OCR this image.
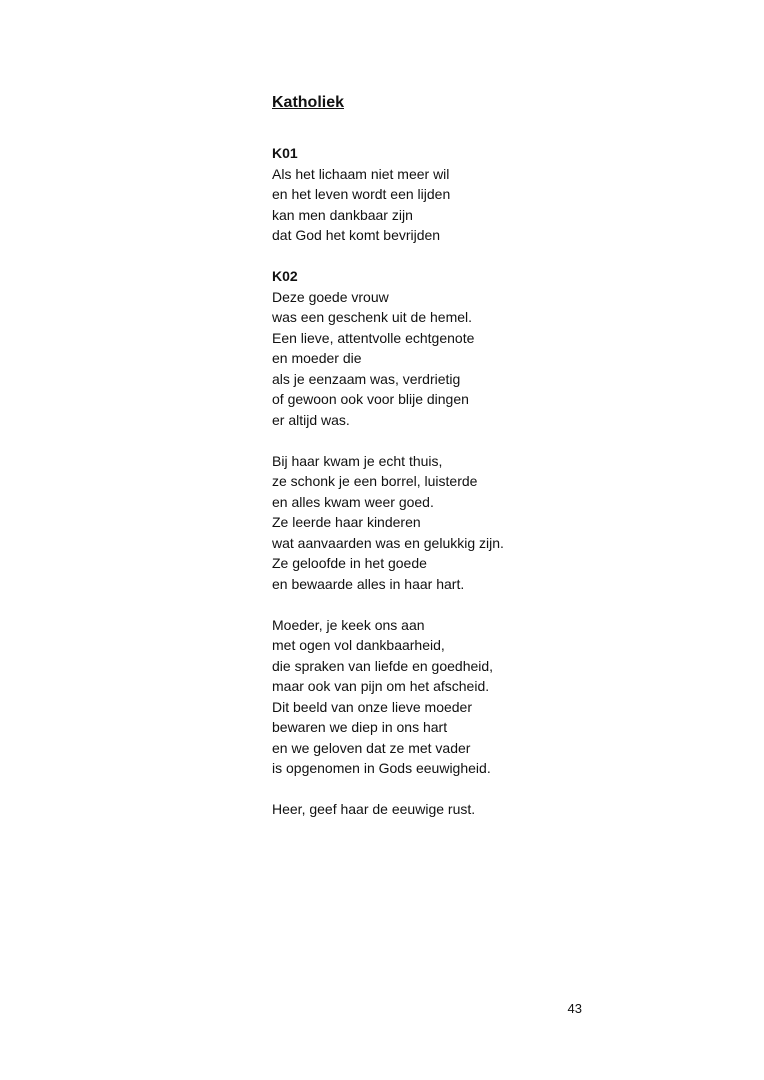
Katholiek
K01
Als het lichaam niet meer wil
en het leven wordt een lijden
kan men dankbaar zijn
dat God het komt bevrijden
K02
Deze goede vrouw
was een geschenk uit de hemel.
Een lieve, attentvolle echtgenote
en moeder die
als je eenzaam was, verdrietig
of gewoon ook voor blije dingen
er altijd was.
Bij haar kwam je echt thuis,
ze schonk je een borrel, luisterde
en alles kwam weer goed.
Ze leerde haar kinderen
wat aanvaarden was en gelukkig zijn.
Ze geloofde in het goede
en bewaarde alles in haar hart.
Moeder, je keek ons aan
met ogen vol dankbaarheid,
die spraken van liefde en goedheid,
maar ook van pijn om het afscheid.
Dit beeld van onze lieve moeder
bewaren we diep in ons hart
en we geloven dat ze met vader
is opgenomen in Gods eeuwigheid.
Heer, geef haar de eeuwige rust.
43
